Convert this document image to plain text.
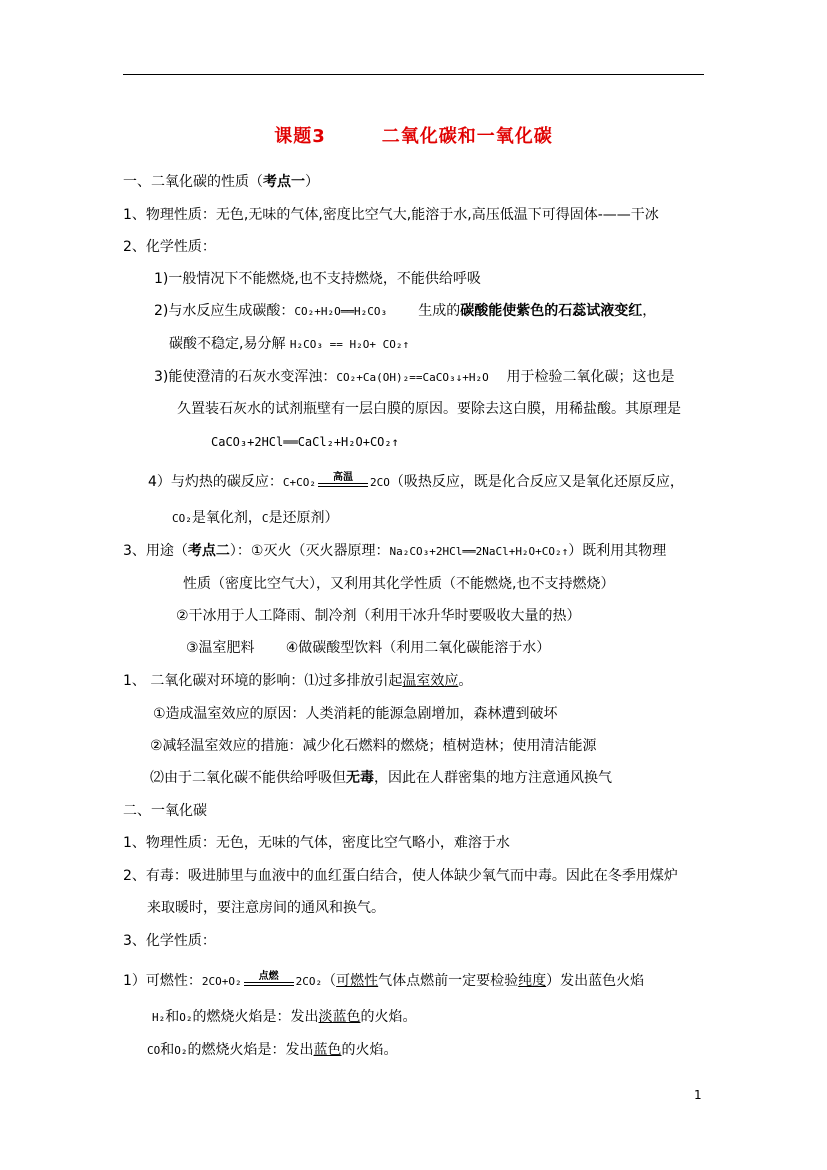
课题3	二氧化碳和一氧化碳
一、二氧化碳的性质（考点一）
1、物理性质：无色,无味的气体,密度比空气大,能溶于水,高压低温下可得固体-——干冰
2、化学性质：
1)一般情况下不能燃烧,也不支持燃烧，不能供给呼吸
2)与水反应生成碳酸：CO₂+H₂O══H₂CO₃ 生成的碳酸能使紫色的石蕊试液变红，
碳酸不稳定,易分解 H₂CO₃ == H₂O+ CO₂↑
3)能使澄清的石灰水变浑浊：CO₂+Ca(OH)₂==CaCO₃↓+H₂O 用于检验二氧化碳；这也是
久置装石灰水的试剂瓶壁有一层白膜的原因。要除去这白膜，用稀盐酸。其原理是
CaCO₃+2HCl══CaCl₂+H₂O+CO₂↑
4）与灼热的碳反应：C+CO₂	高温	2CO（吸热反应，既是化合反应又是氧化还原反应，
CO₂是氧化剂，C是还原剂）
3、用途（考点二）：①灭火（灭火器原理：Na₂CO₃+2HCl══2NaCl+H₂O+CO₂↑）既利用其物理
性质（密度比空气大），又利用其化学性质（不能燃烧,也不支持燃烧）
②干冰用于人工降雨、制冷剂（利用干冰升华时要吸收大量的热）
③温室肥料 ④做碳酸型饮料（利用二氧化碳能溶于水）
1、 二氧化碳对环境的影响：⑴过多排放引起温室效应。
①造成温室效应的原因：人类消耗的能源急剧增加，森林遭到破坏
②减轻温室效应的措施：减少化石燃料的燃烧；植树造林；使用清洁能源
⑵由于二氧化碳不能供给呼吸但无毒，因此在人群密集的地方注意通风换气
二、一氧化碳
1、物理性质：无色，无味的气体，密度比空气略小，难溶于水
2、有毒：吸进肺里与血液中的血红蛋白结合，使人体缺少氧气而中毒。因此在冬季用煤炉
来取暖时，要注意房间的通风和换气。
3、化学性质：
1）可燃性：2CO+O₂	点燃	2CO₂（可燃性气体点燃前一定要检验纯度）发出蓝色火焰
H₂和O₂的燃烧火焰是：发出淡蓝色的火焰。
CO和O₂的燃烧火焰是：发出蓝色的火焰。
1
